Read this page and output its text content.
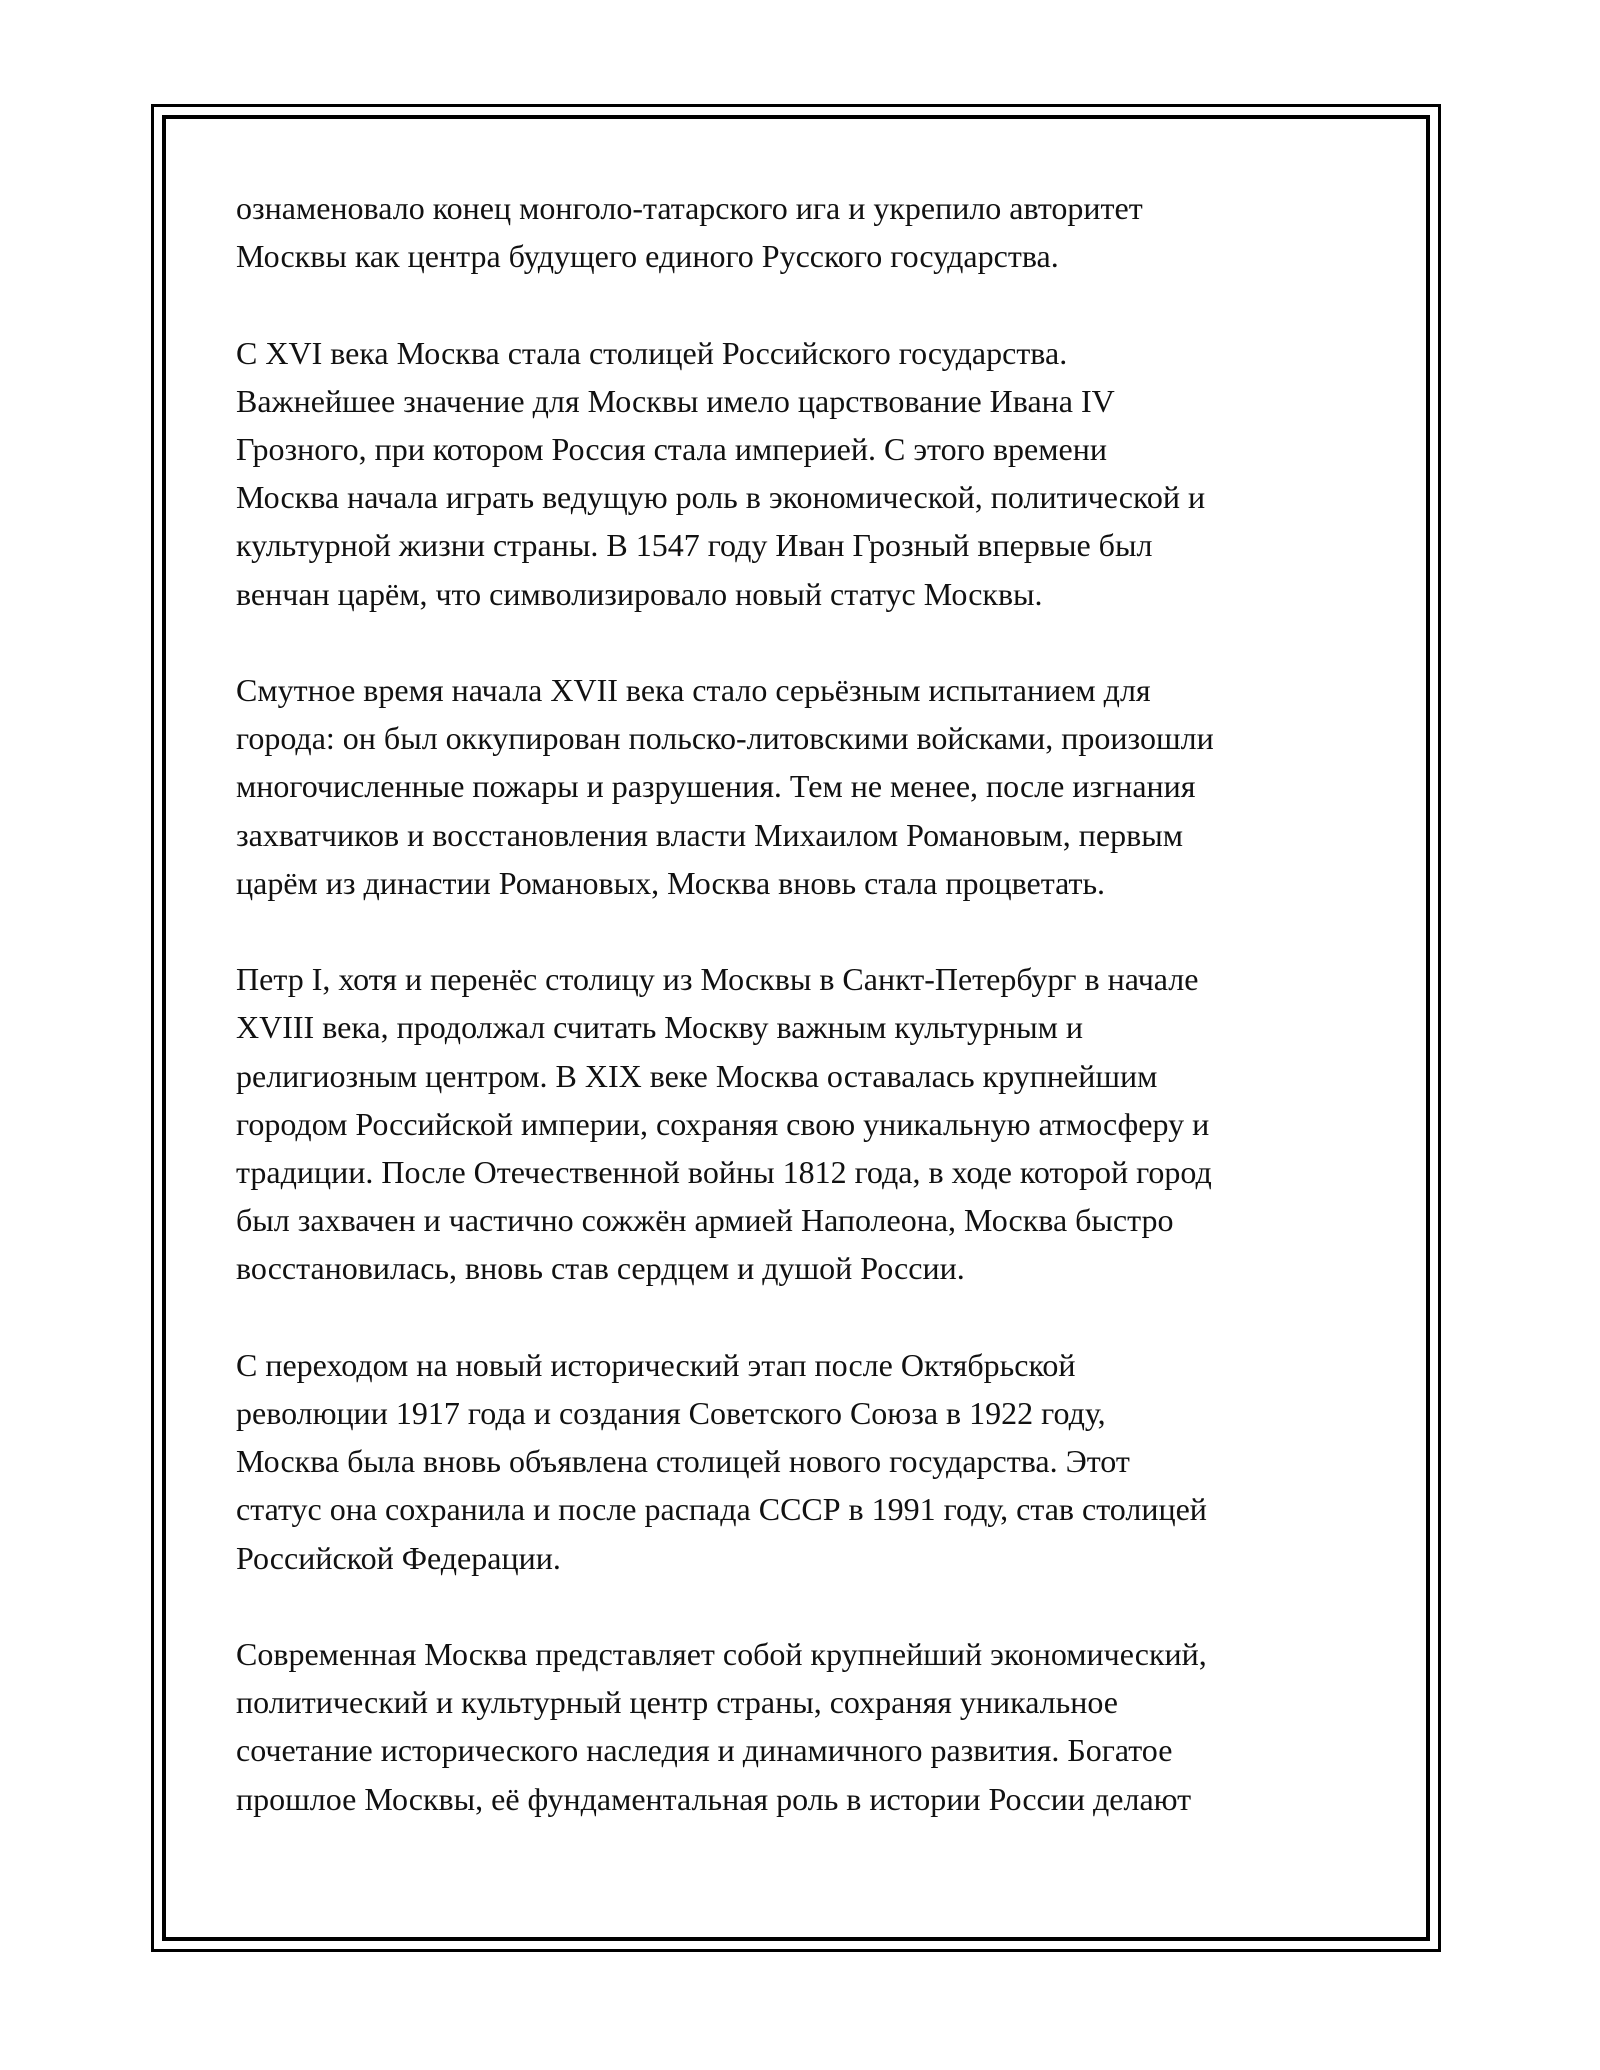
ознаменовало конец монголо-татарского ига и укрепило авторитет
Москвы как центра будущего единого Русского государства.
С XVI века Москва стала столицей Российского государства.
Важнейшее значение для Москвы имело царствование Ивана IV
Грозного, при котором Россия стала империей. С этого времени
Москва начала играть ведущую роль в экономической, политической и
культурной жизни страны. В 1547 году Иван Грозный впервые был
венчан царём, что символизировало новый статус Москвы.
Смутное время начала XVII века стало серьёзным испытанием для
города: он был оккупирован польско-литовскими войсками, произошли
многочисленные пожары и разрушения. Тем не менее, после изгнания
захватчиков и восстановления власти Михаилом Романовым, первым
царём из династии Романовых, Москва вновь стала процветать.
Петр I, хотя и перенёс столицу из Москвы в Санкт-Петербург в начале
XVIII века, продолжал считать Москву важным культурным и
религиозным центром. В XIX веке Москва оставалась крупнейшим
городом Российской империи, сохраняя свою уникальную атмосферу и
традиции. После Отечественной войны 1812 года, в ходе которой город
был захвачен и частично сожжён армией Наполеона, Москва быстро
восстановилась, вновь став сердцем и душой России.
С переходом на новый исторический этап после Октябрьской
революции 1917 года и создания Советского Союза в 1922 году,
Москва была вновь объявлена столицей нового государства. Этот
статус она сохранила и после распада СССР в 1991 году, став столицей
Российской Федерации.
Современная Москва представляет собой крупнейший экономический,
политический и культурный центр страны, сохраняя уникальное
сочетание исторического наследия и динамичного развития. Богатое
прошлое Москвы, её фундаментальная роль в истории России делают
